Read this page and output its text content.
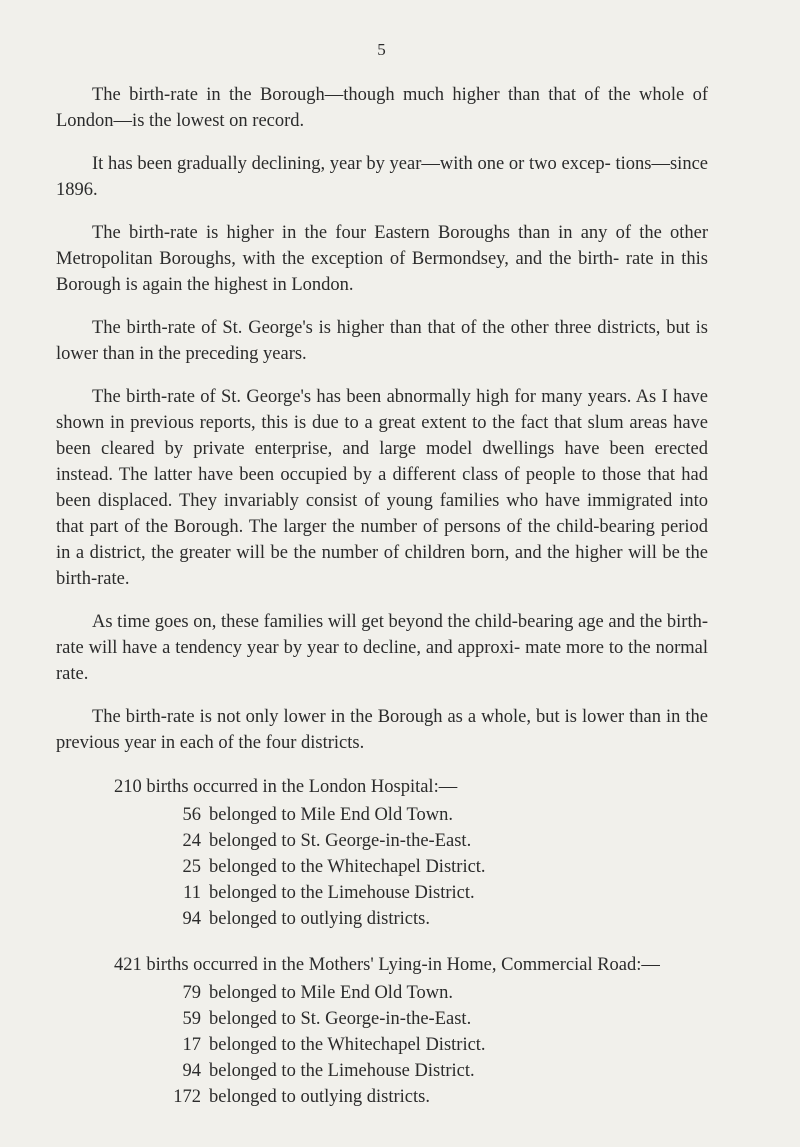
5

The birth-rate in the Borough—though much higher than that of the whole of London—is the lowest on record.

It has been gradually declining, year by year—with one or two excep- tions—since 1896.

The birth-rate is higher in the four Eastern Boroughs than in any of the other Metropolitan Boroughs, with the exception of Bermondsey, and the birth- rate in this Borough is again the highest in London.

The birth-rate of St. George's is higher than that of the other three districts, but is lower than in the preceding years.

The birth-rate of St. George's has been abnormally high for many years. As I have shown in previous reports, this is due to a great extent to the fact that slum areas have been cleared by private enterprise, and large model dwellings have been erected instead. The latter have been occupied by a different class of people to those that had been displaced. They invariably consist of young families who have immigrated into that part of the Borough. The larger the number of persons of the child-bearing period in a district, the greater will be the number of children born, and the higher will be the birth-rate.

As time goes on, these families will get beyond the child-bearing age and the birth-rate will have a tendency year by year to decline, and approxi- mate more to the normal rate.

The birth-rate is not only lower in the Borough as a whole, but is lower than in the previous year in each of the four districts.

210 births occurred in the London Hospital:—

56 belonged to Mile End Old Town.
24 belonged to St. George-in-the-East.
25 belonged to the Whitechapel District.
11 belonged to the Limehouse District.
94 belonged to outlying districts.

421 births occurred in the Mothers' Lying-in Home, Commercial Road:—

79 belonged to Mile End Old Town.
59 belonged to St. George-in-the-East.
17 belonged to the Whitechapel District.
94 belonged to the Limehouse District.
172 belonged to outlying districts.
